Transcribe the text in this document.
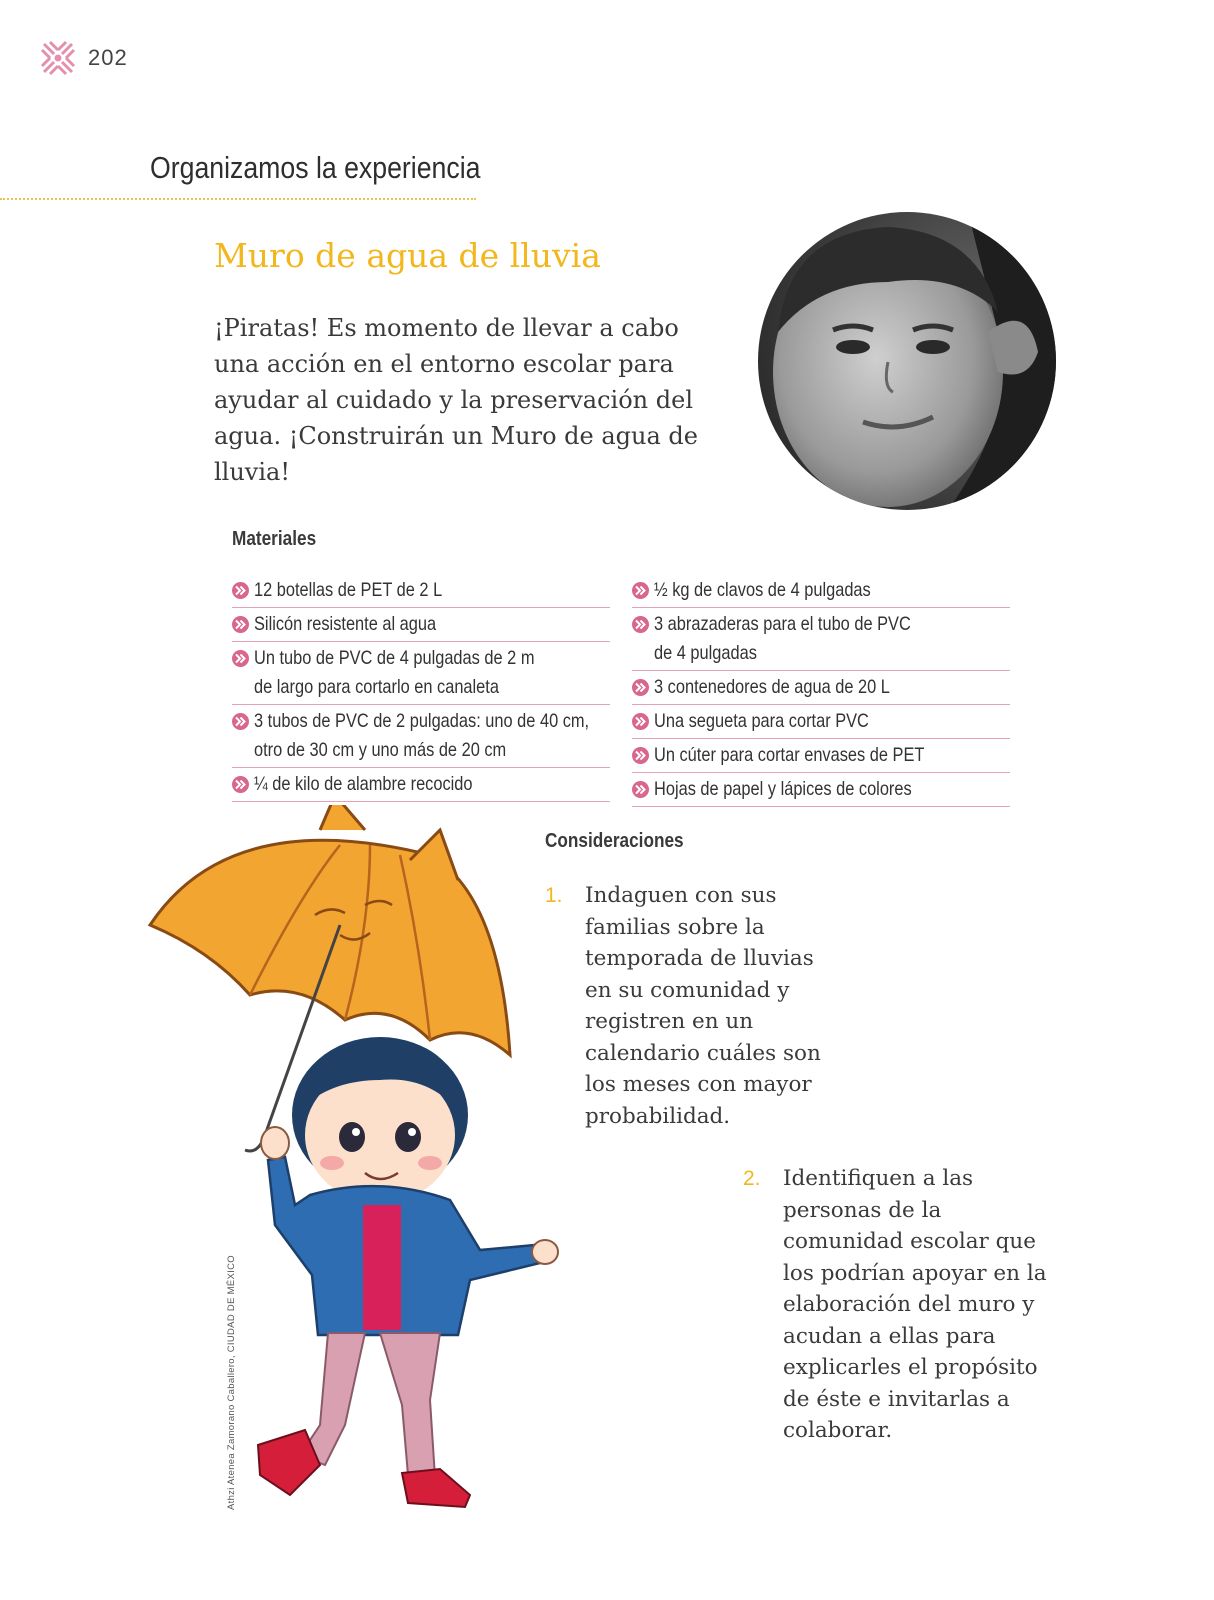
202
Organizamos la experiencia
Muro de agua de lluvia
¡Piratas! Es momento de llevar a cabo una acción en el entorno escolar para ayudar al cuidado y la preservación del agua. ¡Construirán un Muro de agua de lluvia!
Materiales
12 botellas de PET de 2 L
Silicón resistente al agua
Un tubo de PVC de 4 pulgadas de 2 m
de largo para cortarlo en canaleta
3 tubos de PVC de 2 pulgadas: uno de 40 cm,
otro de 30 cm y uno más de 20 cm
¼ de kilo de alambre recocido
½ kg de clavos de 4 pulgadas
3 abrazaderas para el tubo de PVC
de 4 pulgadas
3 contenedores de agua de 20 L
Una segueta para cortar PVC
Un cúter para cortar envases de PET
Hojas de papel y lápices de colores
Consideraciones
1. Indaguen con sus familias sobre la temporada de lluvias en su comunidad y registren en un calendario cuáles son los meses con mayor probabilidad.
2. Identifiquen a las personas de la comunidad escolar que los podrían apoyar en la elaboración del muro y acudan a ellas para explicarles el propósito de éste e invitarlas a colaborar.
Athzi Atenea Zamorano Caballero, CIUDAD DE MÉXICO
